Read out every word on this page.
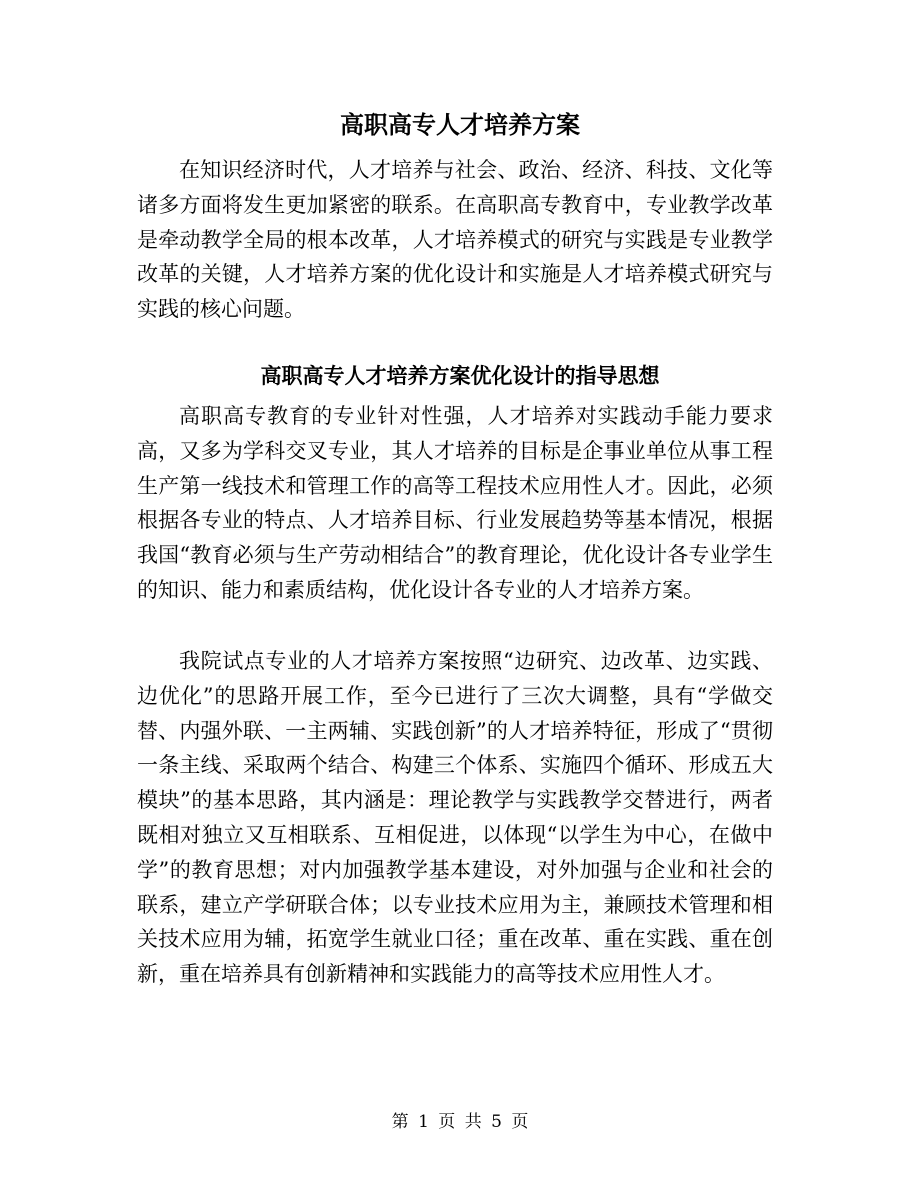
高职高专人才培养方案
在知识经济时代，人才培养与社会、政治、经济、科技、文化等诸多方面将发生更加紧密的联系。在高职高专教育中，专业教学改革是牵动教学全局的根本改革，人才培养模式的研究与实践是专业教学改革的关键，人才培养方案的优化设计和实施是人才培养模式研究与实践的核心问题。
高职高专人才培养方案优化设计的指导思想
高职高专教育的专业针对性强，人才培养对实践动手能力要求高，又多为学科交叉专业，其人才培养的目标是企事业单位从事工程生产第一线技术和管理工作的高等工程技术应用性人才。因此，必须根据各专业的特点、人才培养目标、行业发展趋势等基本情况，根据我国“教育必须与生产劳动相结合”的教育理论，优化设计各专业学生的知识、能力和素质结构，优化设计各专业的人才培养方案。
我院试点专业的人才培养方案按照“边研究、边改革、边实践、边优化”的思路开展工作，至今已进行了三次大调整，具有“学做交替、内强外联、一主两辅、实践创新”的人才培养特征，形成了“贯彻一条主线、采取两个结合、构建三个体系、实施四个循环、形成五大模块”的基本思路，其内涵是：理论教学与实践教学交替进行，两者既相对独立又互相联系、互相促进，以体现“以学生为中心，在做中学”的教育思想；对内加强教学基本建设，对外加强与企业和社会的联系，建立产学研联合体；以专业技术应用为主，兼顾技术管理和相关技术应用为辅，拓宽学生就业口径；重在改革、重在实践、重在创新，重在培养具有创新精神和实践能力的高等技术应用性人才。
第 1 页 共 5 页
